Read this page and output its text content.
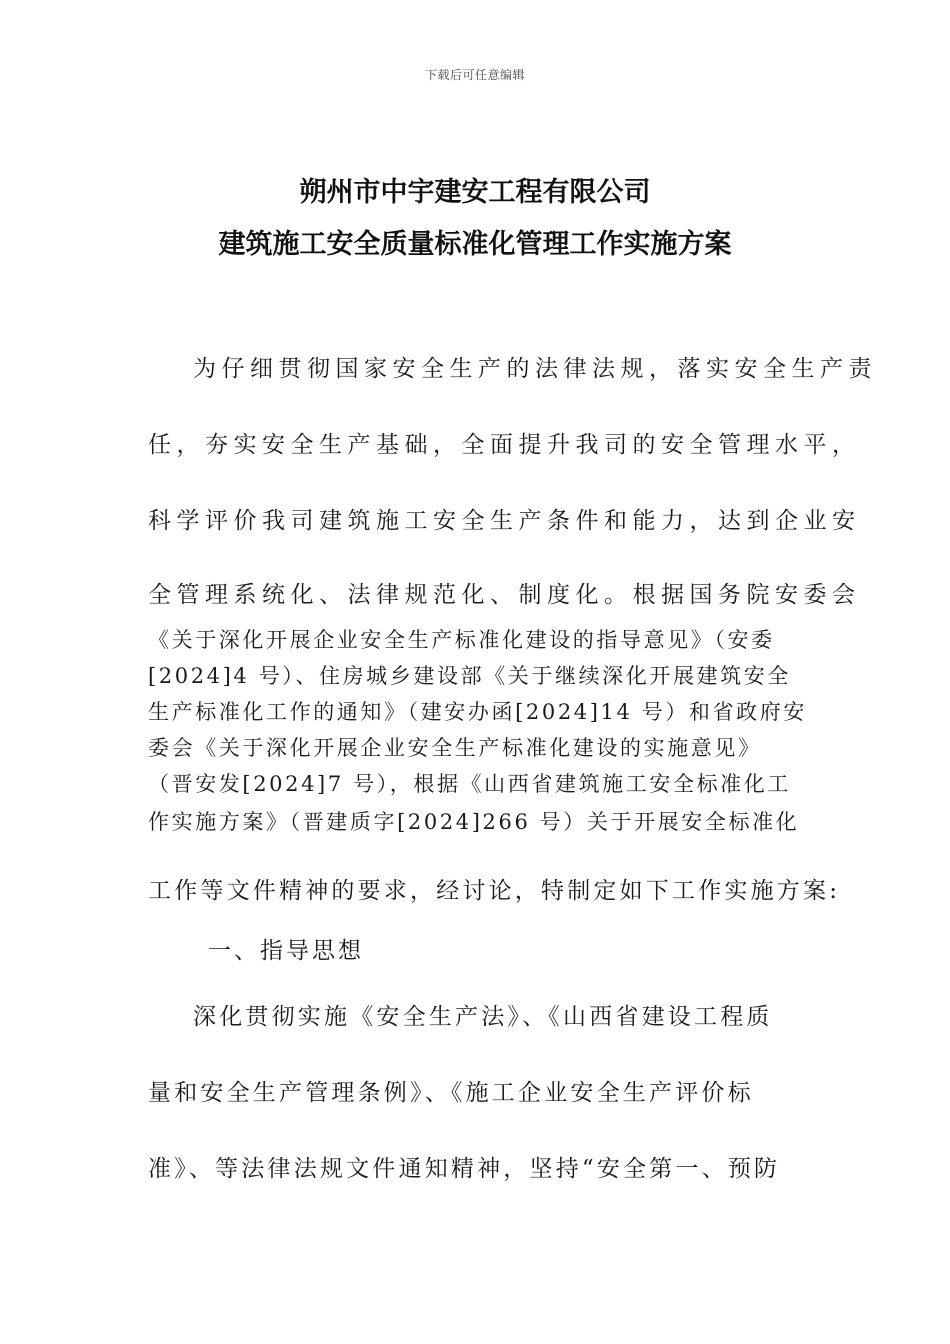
下载后可任意编辑
朔州市中宇建安工程有限公司
建筑施工安全质量标准化管理工作实施方案
为仔细贯彻国家安全生产的法律法规，落实安全生产责
任，夯实安全生产基础，全面提升我司的安全管理水平，
科学评价我司建筑施工安全生产条件和能力，达到企业安
全管理系统化、法律规范化、制度化。根据国务院安委会
《关于深化开展企业安全生产标准化建设的指导意见》（安委
[2024]4 号）、住房城乡建设部《关于继续深化开展建筑安全
生产标准化工作的通知》（建安办函[2024]14 号）和省政府安
委会《关于深化开展企业安全生产标准化建设的实施意见》
（晋安发[2024]7 号），根据《山西省建筑施工安全标准化工
作实施方案》（晋建质字[2024]266 号）关于开展安全标准化
工作等文件精神的要求，经讨论，特制定如下工作实施方案:
一、指导思想
深化贯彻实施《安全生产法》、《山西省建设工程质
量和安全生产管理条例》、《施工企业安全生产评价标
准》、等法律法规文件通知精神，坚持“安全第一、预防
